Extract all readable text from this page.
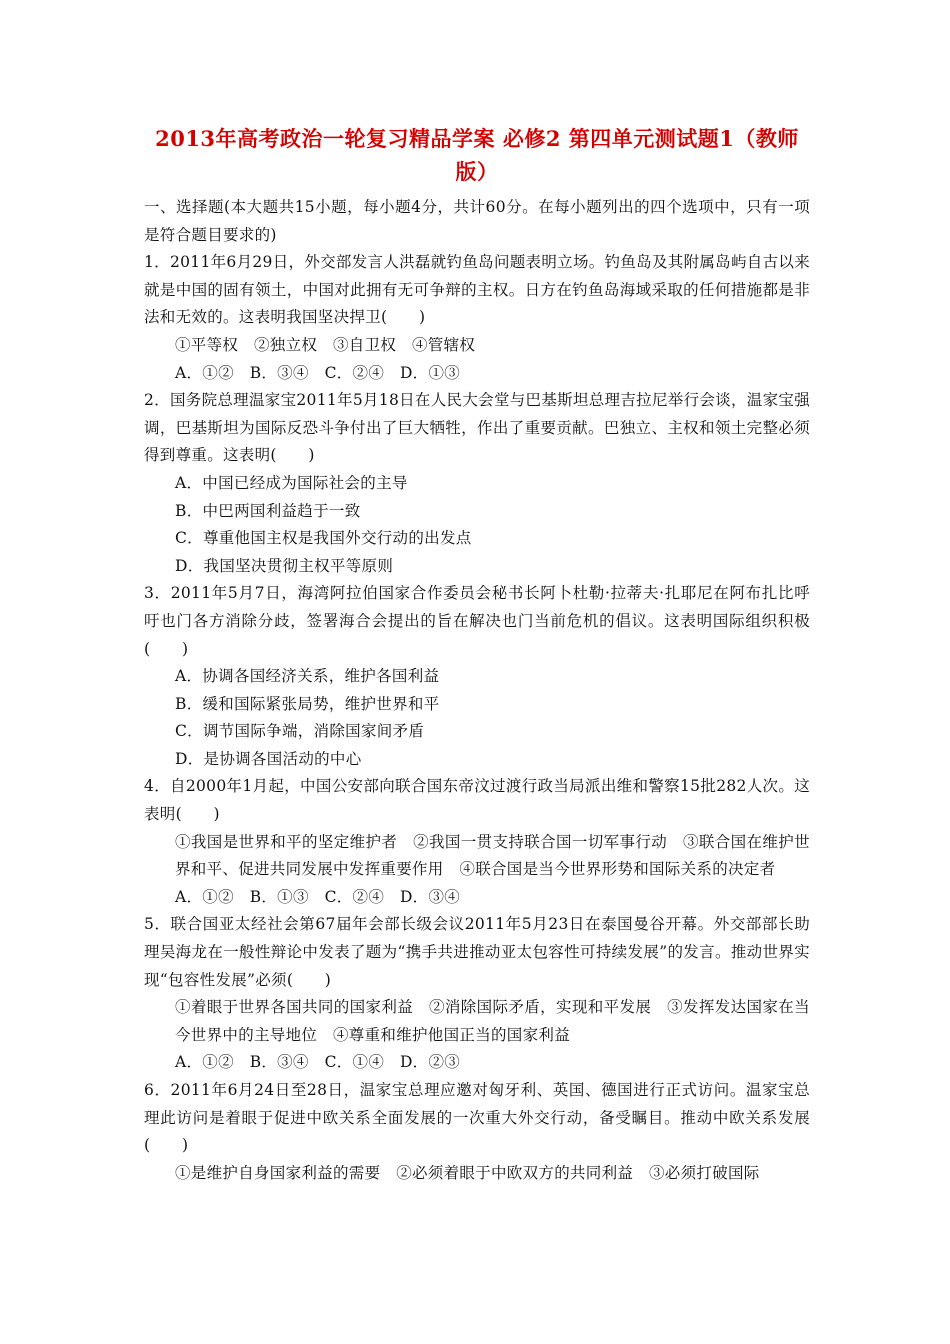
2013年高考政治一轮复习精品学案 必修2 第四单元测试题1（教师版）

一、选择题(本大题共15小题，每小题4分，共计60分。在每小题列出的四个选项中，只有一项是符合题目要求的)

1．2011年6月29日，外交部发言人洪磊就钓鱼岛问题表明立场。钓鱼岛及其附属岛屿自古以来就是中国的固有领土，中国对此拥有无可争辩的主权。日方在钓鱼岛海域采取的任何措施都是非法和无效的。这表明我国坚决捍卫(　　)

①平等权　②独立权　③自卫权　④管辖权

A．①②　B．③④　C．②④　D．①③

2．国务院总理温家宝2011年5月18日在人民大会堂与巴基斯坦总理吉拉尼举行会谈，温家宝强调，巴基斯坦为国际反恐斗争付出了巨大牺牲，作出了重要贡献。巴独立、主权和领土完整必须得到尊重。这表明(　　)

A．中国已经成为国际社会的主导

B．中巴两国利益趋于一致

C．尊重他国主权是我国外交行动的出发点

D．我国坚决贯彻主权平等原则

3．2011年5月7日，海湾阿拉伯国家合作委员会秘书长阿卜杜勒·拉蒂夫·扎耶尼在阿布扎比呼吁也门各方消除分歧，签署海合会提出的旨在解决也门当前危机的倡议。这表明国际组织积极(　　)

A．协调各国经济关系，维护各国利益

B．缓和国际紧张局势，维护世界和平

C．调节国际争端，消除国家间矛盾

D．是协调各国活动的中心

4．自2000年1月起，中国公安部向联合国东帝汶过渡行政当局派出维和警察15批282人次。这表明(　　)

①我国是世界和平的坚定维护者　②我国一贯支持联合国一切军事行动　③联合国在维护世界和平、促进共同发展中发挥重要作用　④联合国是当今世界形势和国际关系的决定者

A．①②　B．①③　C．②④　D．③④

5．联合国亚太经社会第67届年会部长级会议2011年5月23日在泰国曼谷开幕。外交部部长助理吴海龙在一般性辩论中发表了题为“携手共进推动亚太包容性可持续发展”的发言。推动世界实现“包容性发展”必须(　　)

①着眼于世界各国共同的国家利益　②消除国际矛盾，实现和平发展　③发挥发达国家在当今世界中的主导地位　④尊重和维护他国正当的国家利益

A．①②　B．③④　C．①④　D．②③

6．2011年6月24日至28日，温家宝总理应邀对匈牙利、英国、德国进行正式访问。温家宝总理此访问是着眼于促进中欧关系全面发展的一次重大外交行动，备受瞩目。推动中欧关系发展(　　)

①是维护自身国家利益的需要　②必须着眼于中欧双方的共同利益　③必须打破国际
